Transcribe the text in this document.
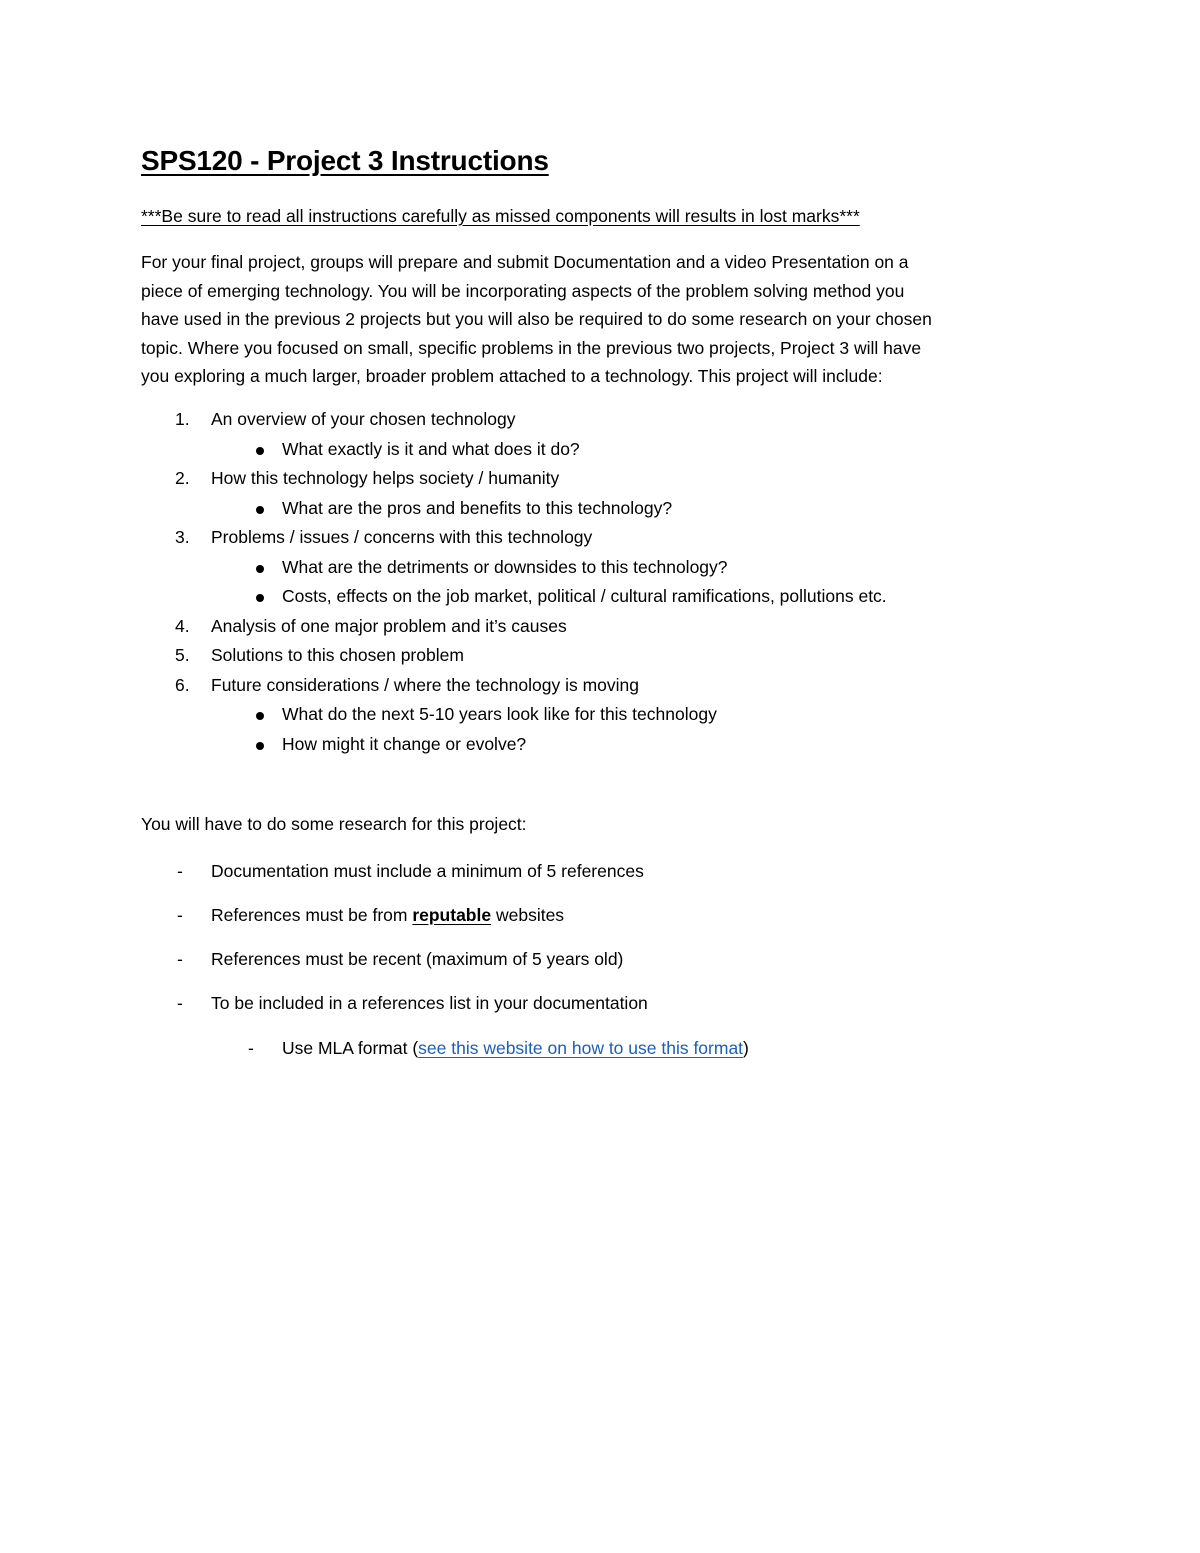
SPS120 - Project 3 Instructions

***Be sure to read all instructions carefully as missed components will results in lost marks***

For your final project, groups will prepare and submit Documentation and a video Presentation on a
piece of emerging technology. You will be incorporating aspects of the problem solving method you
have used in the previous 2 projects but you will also be required to do some research on your chosen
topic. Where you focused on small, specific problems in the previous two projects, Project 3 will have
you exploring a much larger, broader problem attached to a technology. This project will include:

1. An overview of your chosen technology
What exactly is it and what does it do?
2. How this technology helps society / humanity
What are the pros and benefits to this technology?
3. Problems / issues / concerns with this technology
What are the detriments or downsides to this technology?
Costs, effects on the job market, political / cultural ramifications, pollutions etc.
4. Analysis of one major problem and it’s causes
5. Solutions to this chosen problem
6. Future considerations / where the technology is moving
What do the next 5-10 years look like for this technology
How might it change or evolve?

You will have to do some research for this project:

- Documentation must include a minimum of 5 references
- References must be from reputable websites
- References must be recent (maximum of 5 years old)
- To be included in a references list in your documentation
- Use MLA format (see this website on how to use this format)
